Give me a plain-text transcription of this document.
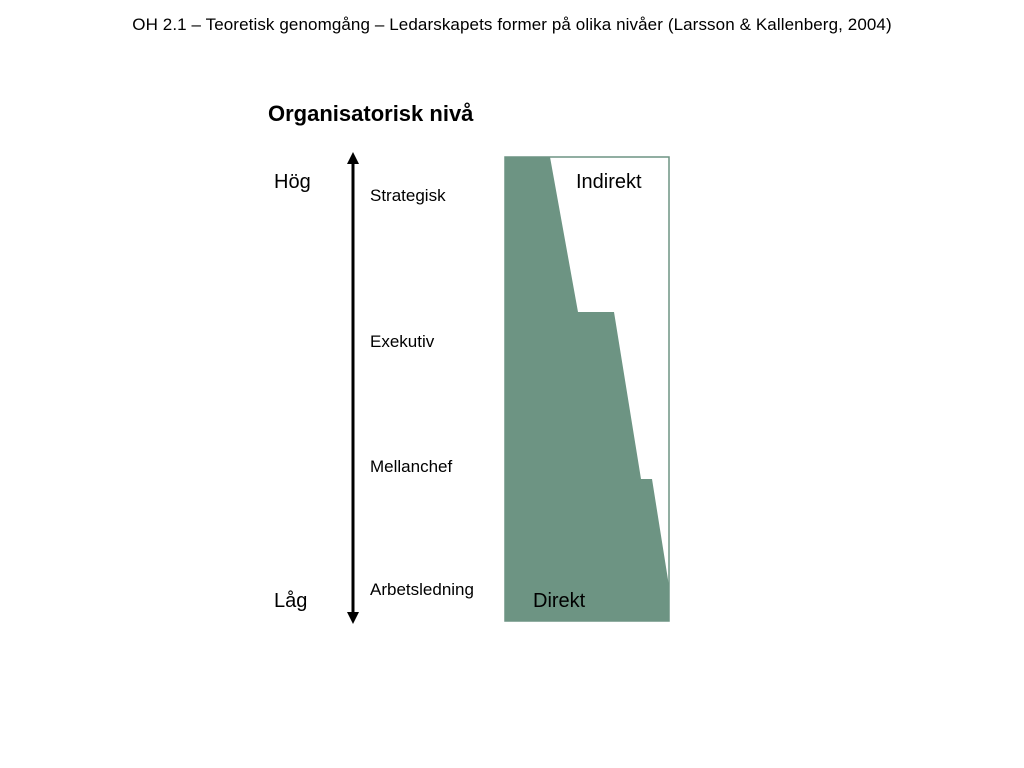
OH 2.1 – Teoretisk genomgång – Ledarskapets former på olika nivåer (Larsson & Kallenberg, 2004)
Organisatorisk nivå
Hög
Låg
Strategisk
Exekutiv
Mellanchef
Arbetsledning
Indirekt
Direkt
